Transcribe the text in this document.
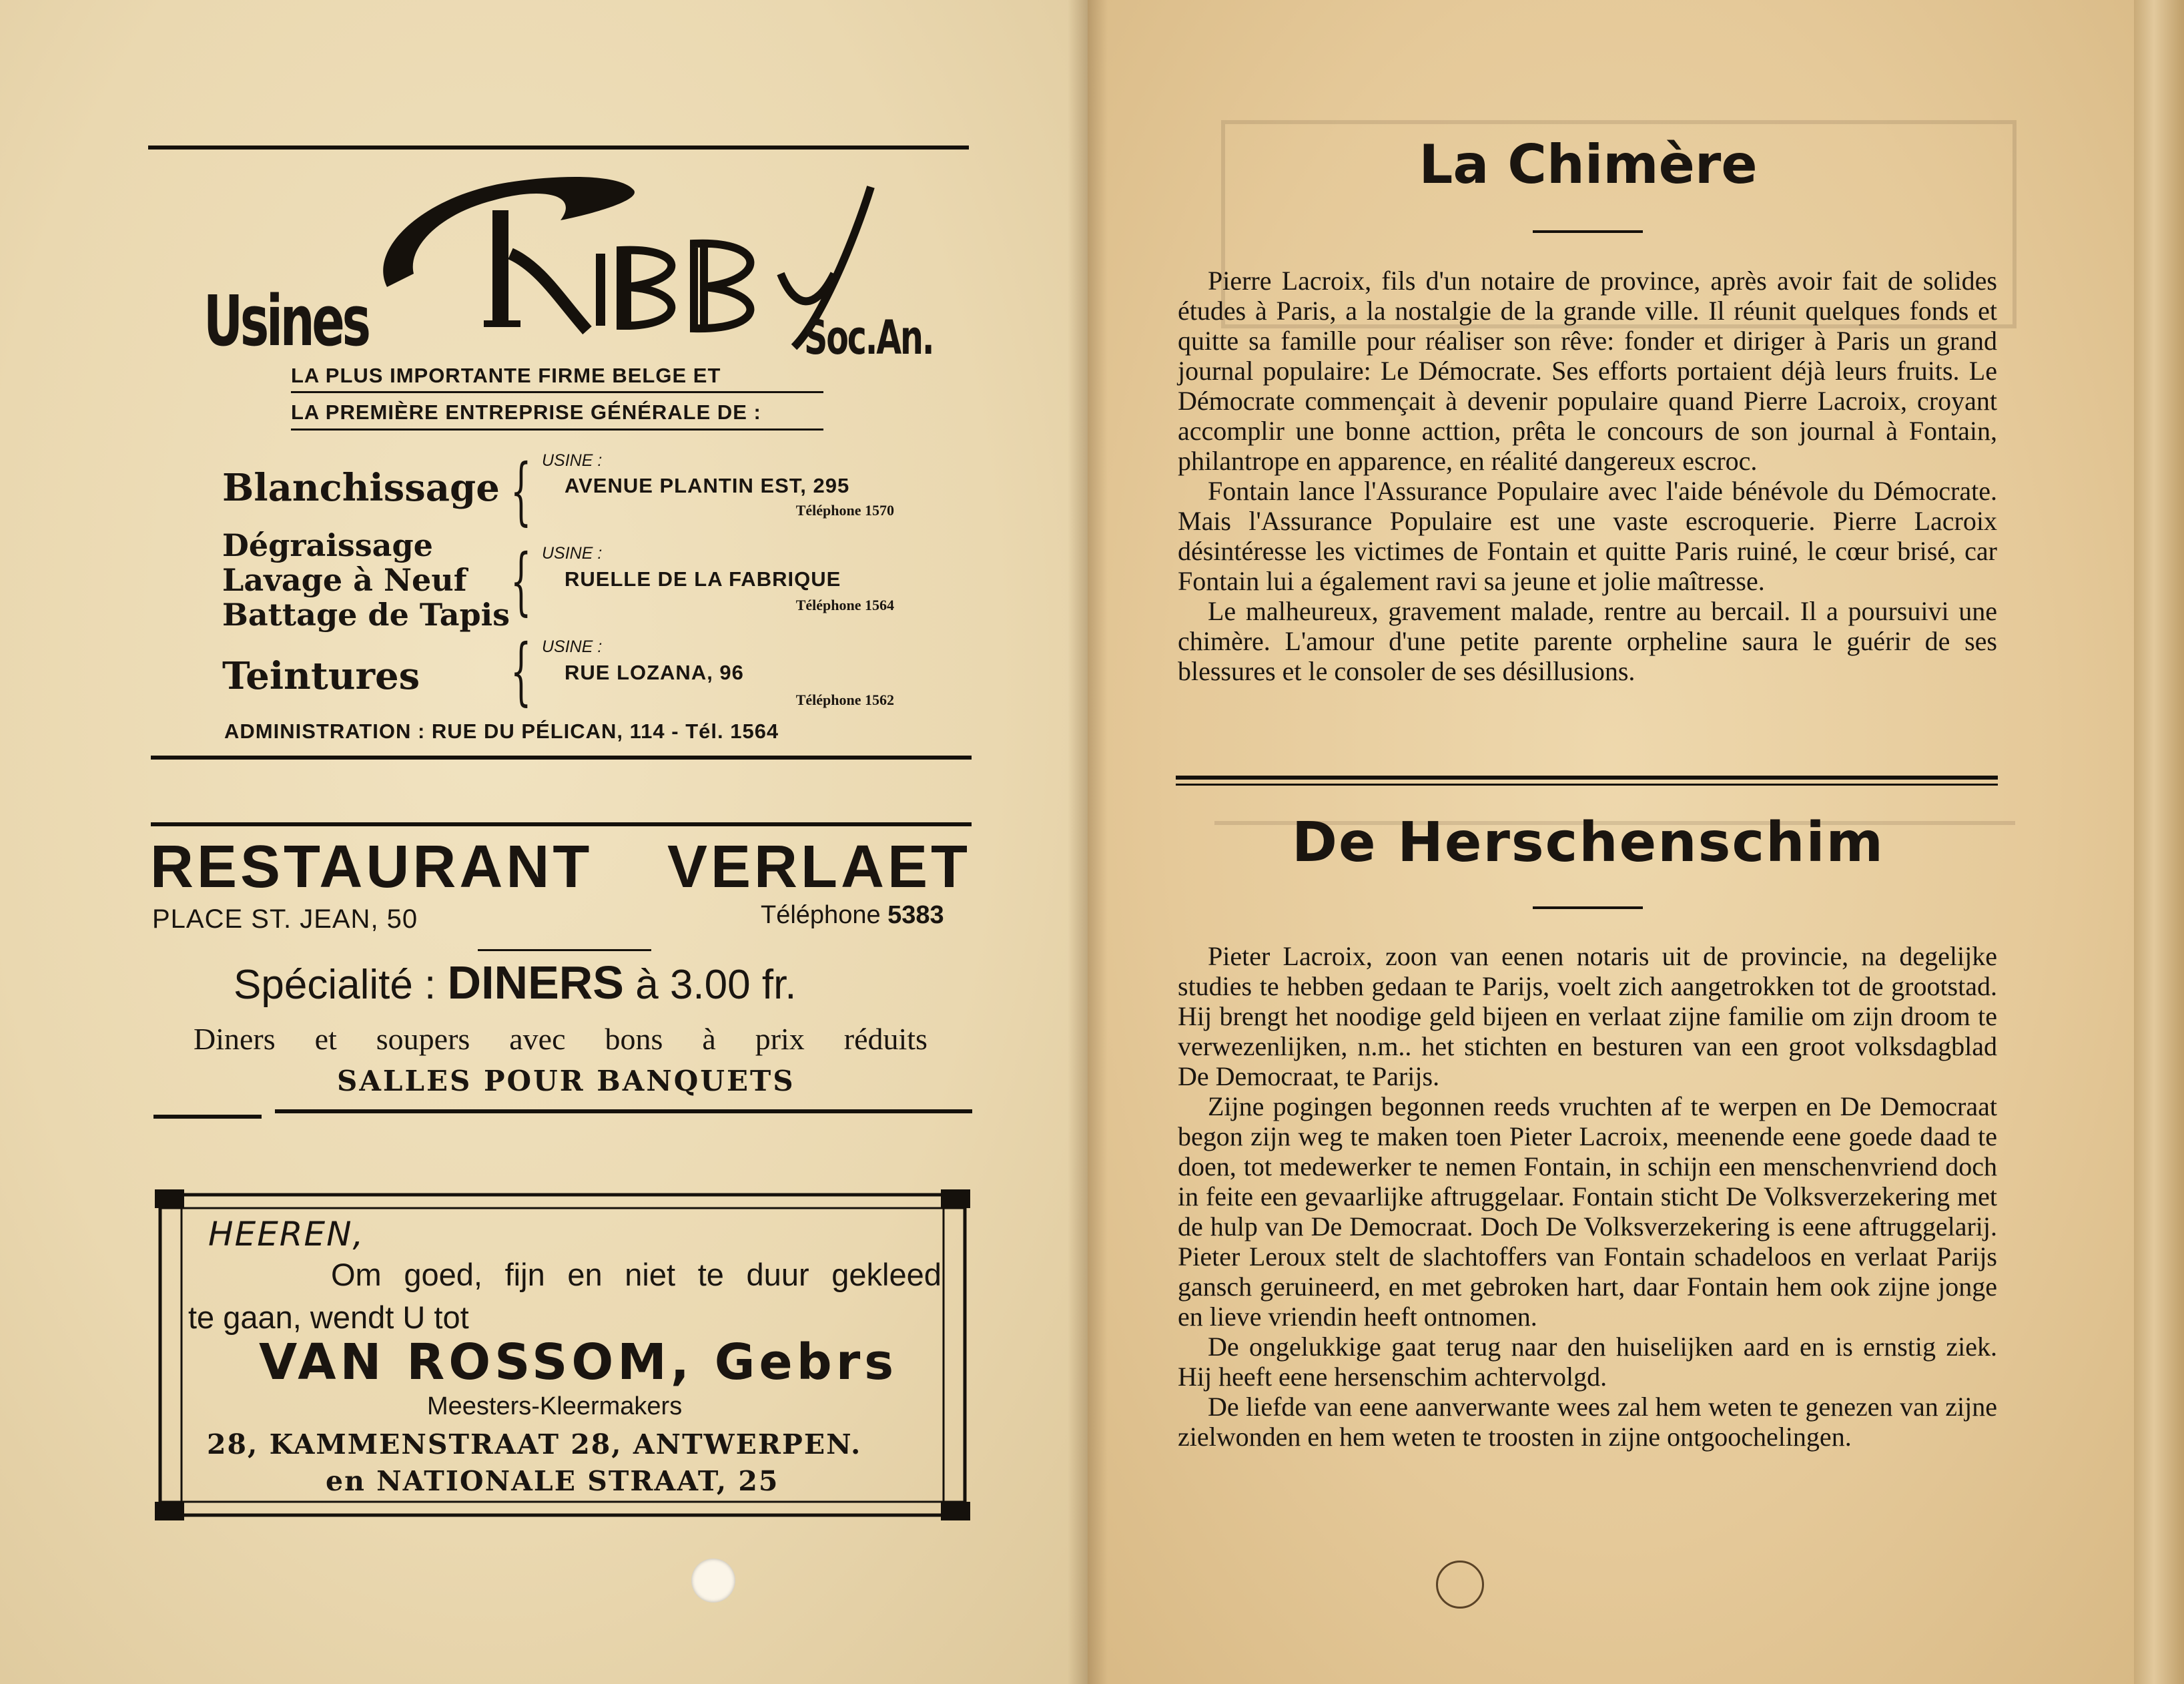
Usines	Soc.An.
LA PLUS IMPORTANTE FIRME BELGE ET
LA PREMIÈRE ENTREPRISE GÉNÉRALE DE :
Blanchissage
Dégraissage
Lavage à Neuf
Battage de Tapis
Teintures
{
{
{
USINE :
AVENUE PLANTIN EST, 295
Téléphone 1570
USINE :
RUELLE DE LA FABRIQUE
Téléphone 1564
USINE :
RUE LOZANA, 96
Téléphone 1562
ADMINISTRATION : RUE DU PÉLICAN, 114 - Tél. 1564
RESTAURANT VERLAET
PLACE ST. JEAN, 50	Téléphone 5383
Spécialité : DINERS à 3.00 fr.
Diners et soupers avec bons à prix réduits
SALLES POUR BANQUETS
HEEREN,
Om goed, fijn en niet te duur gekleed
te gaan, wendt U tot
VAN ROSSOM, Gebrs
Meesters-Kleermakers
28, KAMMENSTRAAT 28, ANTWERPEN.
en NATIONALE STRAAT, 25
La Chimère

Pierre Lacroix, fils d'un notaire de province, après avoir fait de solides études à Paris, a la nostalgie de la grande ville. Il réunit quelques fonds et quitte sa famille pour réaliser son rêve: fonder et diriger à Paris un grand journal populaire: Le Démocrate. Ses efforts portaient déjà leurs fruits. Le Démocrate commençait à devenir populaire quand Pierre Lacroix, croyant accomplir une bonne acttion, prêta le concours de son journal à Fontain, philantrope en apparence, en réalité dangereux escroc.

Fontain lance l'Assurance Populaire avec l'aide bénévole du Démocrate. Mais l'Assurance Populaire est une vaste escroquerie. Pierre Lacroix désintéresse les victimes de Fontain et quitte Paris ruiné, le cœur brisé, car Fontain lui a également ravi sa jeune et jolie maîtresse.

Le malheureux, gravement malade, rentre au bercail. Il a poursuivi une chimère. L'amour d'une petite parente orpheline saura le guérir de ses blessures et le consoler de ses désillusions.

De Herschenschim

Pieter Lacroix, zoon van eenen notaris uit de provincie, na degelijke studies te hebben gedaan te Parijs, voelt zich aangetrokken tot de grootstad. Hij brengt het noodige geld bijeen en verlaat zijne familie om zijn droom te verwezenlijken, n.m.. het stichten en besturen van een groot volksdagblad De Democraat, te Parijs.

Zijne pogingen begonnen reeds vruchten af te werpen en De Democraat begon zijn weg te maken toen Pieter Lacroix, meenende eene goede daad te doen, tot medewerker te nemen Fontain, in schijn een menschenvriend doch in feite een gevaarlijke aftruggelaar. Fontain sticht De Volksverzekering met de hulp van De Democraat. Doch De Volksverzekering is eene aftruggelarij. Pieter Leroux stelt de slachtoffers van Fontain schadeloos en verlaat Parijs gansch geruineerd, en met gebroken hart, daar Fontain hem ook zijne jonge en lieve vriendin heeft ontnomen.

De ongelukkige gaat terug naar den huiselijken aard en is ernstig ziek. Hij heeft eene hersenschim achtervolgd.

De liefde van eene aanverwante wees zal hem weten te genezen van zijne zielwonden en hem weten te troosten in zijne ontgoochelingen.
